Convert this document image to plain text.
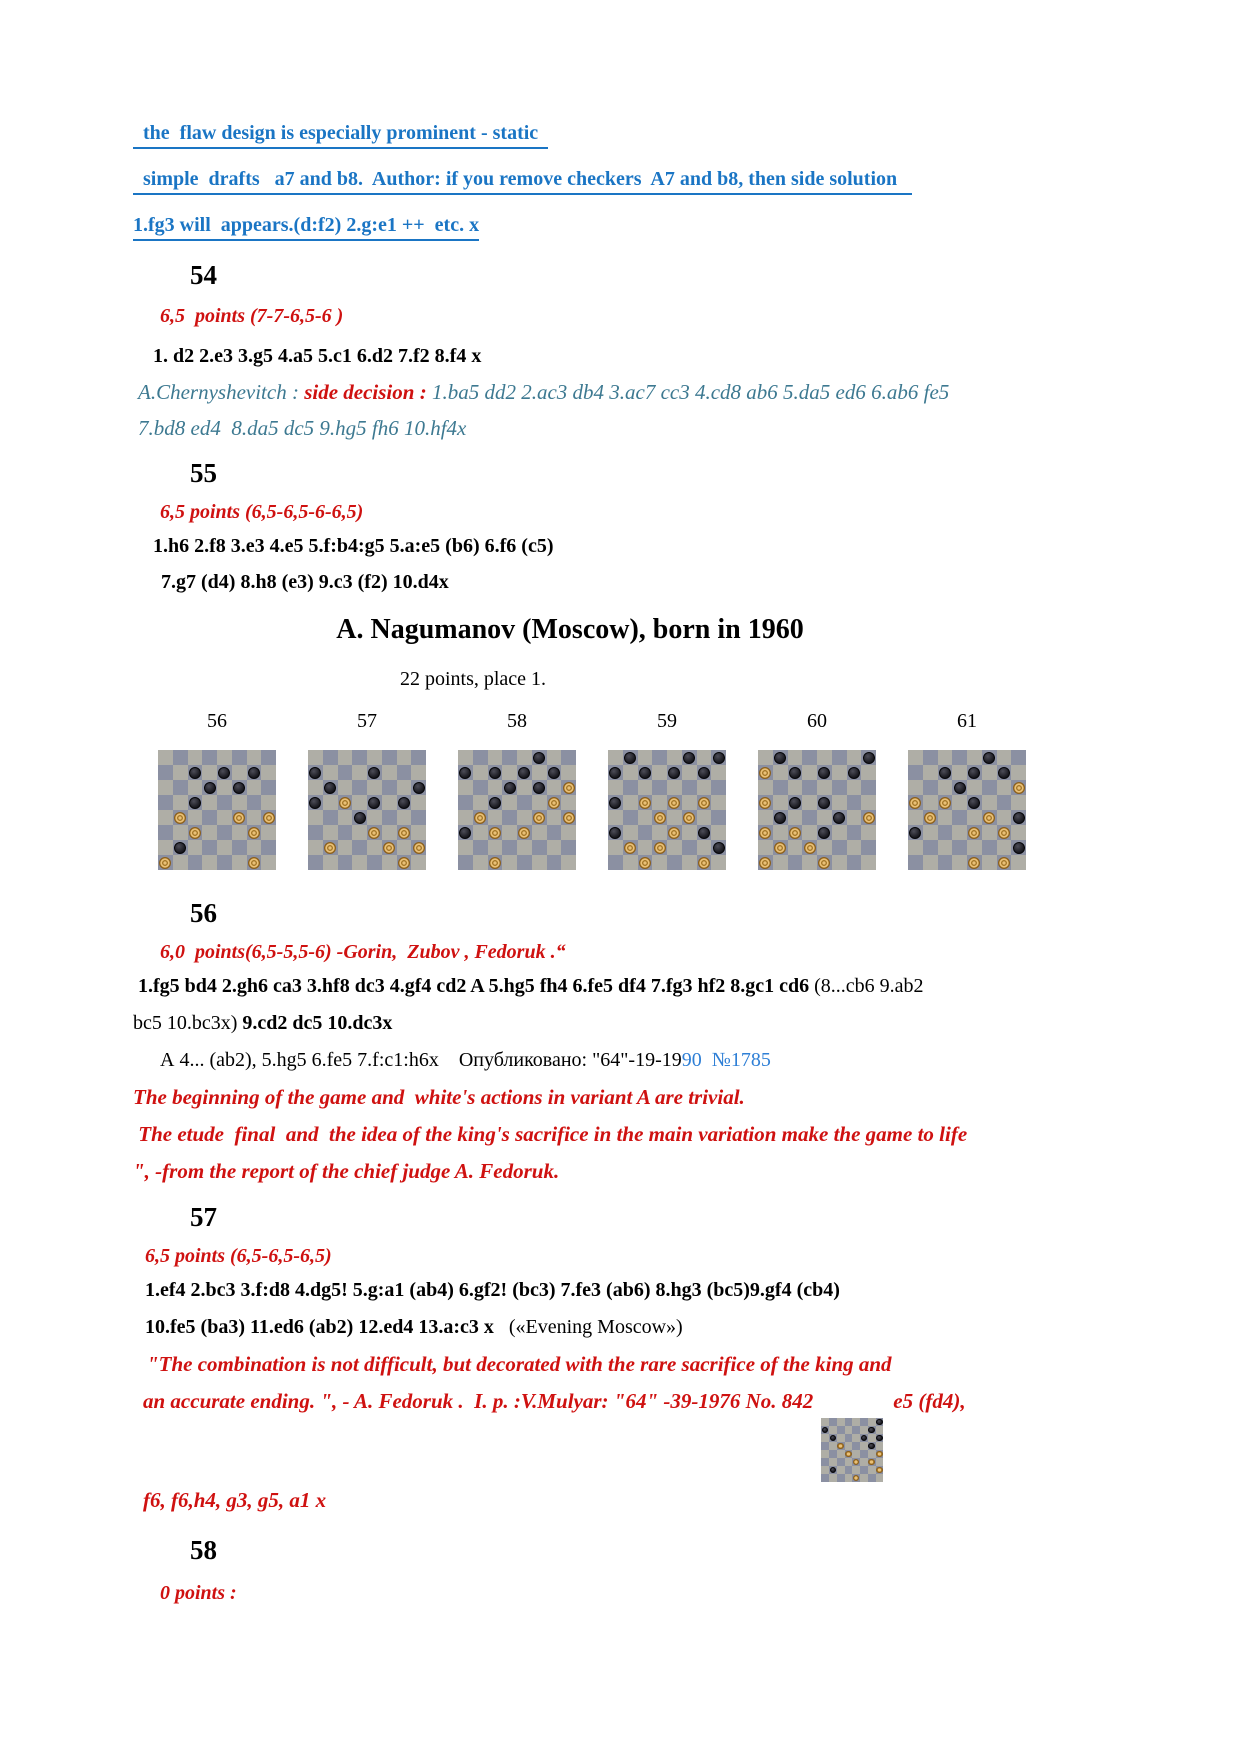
the  flaw design is especially prominent - static
simple  drafts   a7 and b8.  Author: if you remove checkers  A7 and b8, then side solution
1.fg3 will  appears.(d:f2) 2.g:e1 ++  etc. x
54
6,5  points (7-7-6,5-6 )
1. d2 2.e3 3.g5 4.a5 5.c1 6.d2 7.f2 8.f4 x
A.Chernyshevitch : side decision : 1.ba5 dd2 2.ac3 db4 3.ac7 cc3 4.cd8 ab6 5.da5 ed6 6.ab6 fe5
7.bd8 ed4  8.da5 dc5 9.hg5 fh6 10.hf4x
55
6,5 points (6,5-6,5-6-6,5)
1.h6 2.f8 3.e3 4.e5 5.f:b4:g5 5.a:e5 (b6) 6.f6 (c5)
7.g7 (d4) 8.h8 (e3) 9.c3 (f2) 10.d4x
A. Nagumanov (Moscow), born in 1960
22 points, place 1.
56	57	58	59	60	61
56
6,0  points(6,5-5,5-6) -Gorin,  Zubov , Fedoruk .“
1.fg5 bd4 2.gh6 ca3 3.hf8 dc3 4.gf4 cd2 A 5.hg5 fh4 6.fe5 df4 7.fg3 hf2 8.gc1 cd6 (8...cb6 9.ab2
bc5 10.bc3x) 9.cd2 dc5 10.dc3x
А 4... (ab2), 5.hg5 6.fe5 7.f:c1:h6x    Опубликовано: "64"-19-1990  №1785
The beginning of the game and  white's actions in variant A are trivial.
The etude  final  and  the idea of the king's sacrifice in the main variation make the game to life
", -from the report of the chief judge A. Fedoruk.
57
6,5 points (6,5-6,5-6,5)
1.ef4 2.bc3 3.f:d8 4.dg5! 5.g:a1 (ab4) 6.gf2! (bc3) 7.fe3 (ab6) 8.hg3 (bc5)9.gf4 (cb4)
10.fe5 (ba3) 11.ed6 (ab2) 12.ed4 13.a:c3 x   («Evening Moscow»)
"The combination is not difficult, but decorated with the rare sacrifice of the king and
an accurate ending. ", - A. Fedoruk .  I. p. :V.Mulyar: "64" -39-1976 No. 842	e5 (fd4),
f6, f6,h4, g3, g5, a1 x
58
0 points :
